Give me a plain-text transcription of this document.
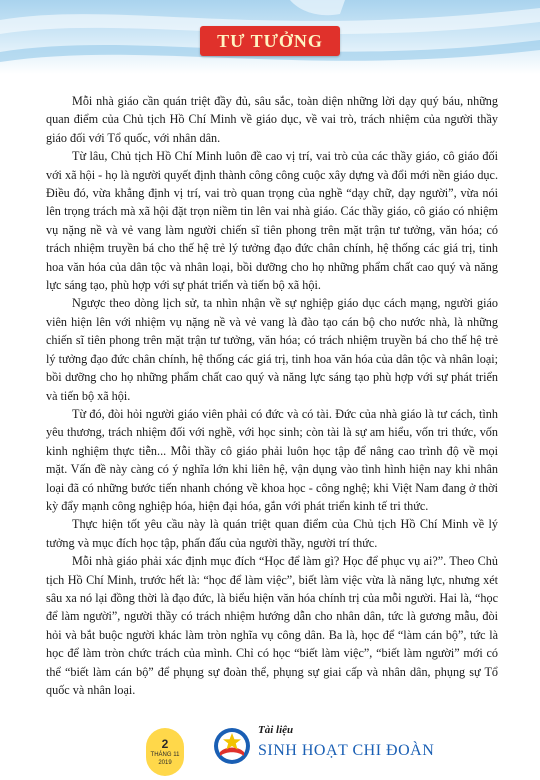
TƯ TƯỞNG

Mỗi nhà giáo cần quán triệt đầy đủ, sâu sắc, toàn diện những lời dạy quý báu, những quan điểm của Chủ tịch Hồ Chí Minh về giáo dục, về vai trò, trách nhiệm của người thầy giáo đối với Tổ quốc, với nhân dân.

Từ lâu, Chủ tịch Hồ Chí Minh luôn đề cao vị trí, vai trò của các thầy giáo, cô giáo đối với xã hội - họ là người quyết định thành công công cuộc xây dựng và đổi mới nền giáo dục. Điều đó, vừa khẳng định vị trí, vai trò quan trọng của nghề “dạy chữ, dạy người”, vừa nói lên trọng trách mà xã hội đặt trọn niềm tin lên vai nhà giáo. Các thầy giáo, cô giáo có nhiệm vụ nặng nề và vẻ vang làm người chiến sĩ tiên phong trên mặt trận tư tưởng, văn hóa; có trách nhiệm truyền bá cho thế hệ trẻ lý tưởng đạo đức chân chính, hệ thống các giá trị, tinh hoa văn hóa của dân tộc và nhân loại, bồi dưỡng cho họ những phẩm chất cao quý và năng lực sáng tạo, phù hợp với sự phát triển và tiến bộ xã hội.

Ngược theo dòng lịch sử, ta nhìn nhận về sự nghiệp giáo dục cách mạng, người giáo viên hiện lên với nhiệm vụ nặng nề và vẻ vang là đào tạo cán bộ cho nước nhà, là những chiến sĩ tiên phong trên mặt trận tư tưởng, văn hóa; có trách nhiệm truyền bá cho thế hệ trẻ lý tưởng đạo đức chân chính, hệ thống các giá trị, tinh hoa văn hóa của dân tộc và nhân loại; bồi dưỡng cho họ những phẩm chất cao quý và năng lực sáng tạo phù hợp với sự phát triển và tiến bộ xã hội.

Từ đó, đòi hỏi người giáo viên phải có đức và có tài. Đức của nhà giáo là tư cách, tình yêu thương, trách nhiệm đối với nghề, với học sinh; còn tài là sự am hiểu, vốn tri thức, vốn kinh nghiệm thực tiễn... Mỗi thầy cô giáo phải luôn học tập để nâng cao trình độ về mọi mặt. Vấn đề này càng có ý nghĩa lớn khi liên hệ, vận dụng vào tình hình hiện nay khi nhân loại đã có những bước tiến nhanh chóng về khoa học - công nghệ; khi Việt Nam đang ở thời kỳ đẩy mạnh công nghiệp hóa, hiện đại hóa, gắn với phát triển kinh tế tri thức.

Thực hiện tốt yêu cầu này là quán triệt quan điểm của Chủ tịch Hồ Chí Minh về lý tưởng và mục đích học tập, phấn đấu của người thầy, người trí thức.

Mỗi nhà giáo phải xác định mục đích “Học để làm gì? Học để phục vụ ai?”. Theo Chủ tịch Hồ Chí Minh, trước hết là: “học để làm việc”, biết làm việc vừa là năng lực, nhưng xét sâu xa nó lại đồng thời là đạo đức, là biểu hiện văn hóa chính trị của mỗi người. Hai là, “học để làm người”, người thầy có trách nhiệm hướng dẫn cho nhân dân, tức là gương mẫu, đòi hỏi và bắt buộc người khác làm tròn nghĩa vụ công dân. Ba là, học để “làm cán bộ”, tức là học để làm tròn chức trách của mình. Chỉ có học “biết làm việc”, “biết làm người” mới có thể “biết làm cán bộ” để phụng sự đoàn thể, phụng sự giai cấp và nhân dân, phụng sự Tổ quốc và nhân loại.

2
THÁNG 11
2019
Tài liệu
SINH HOẠT CHI ĐOÀN
